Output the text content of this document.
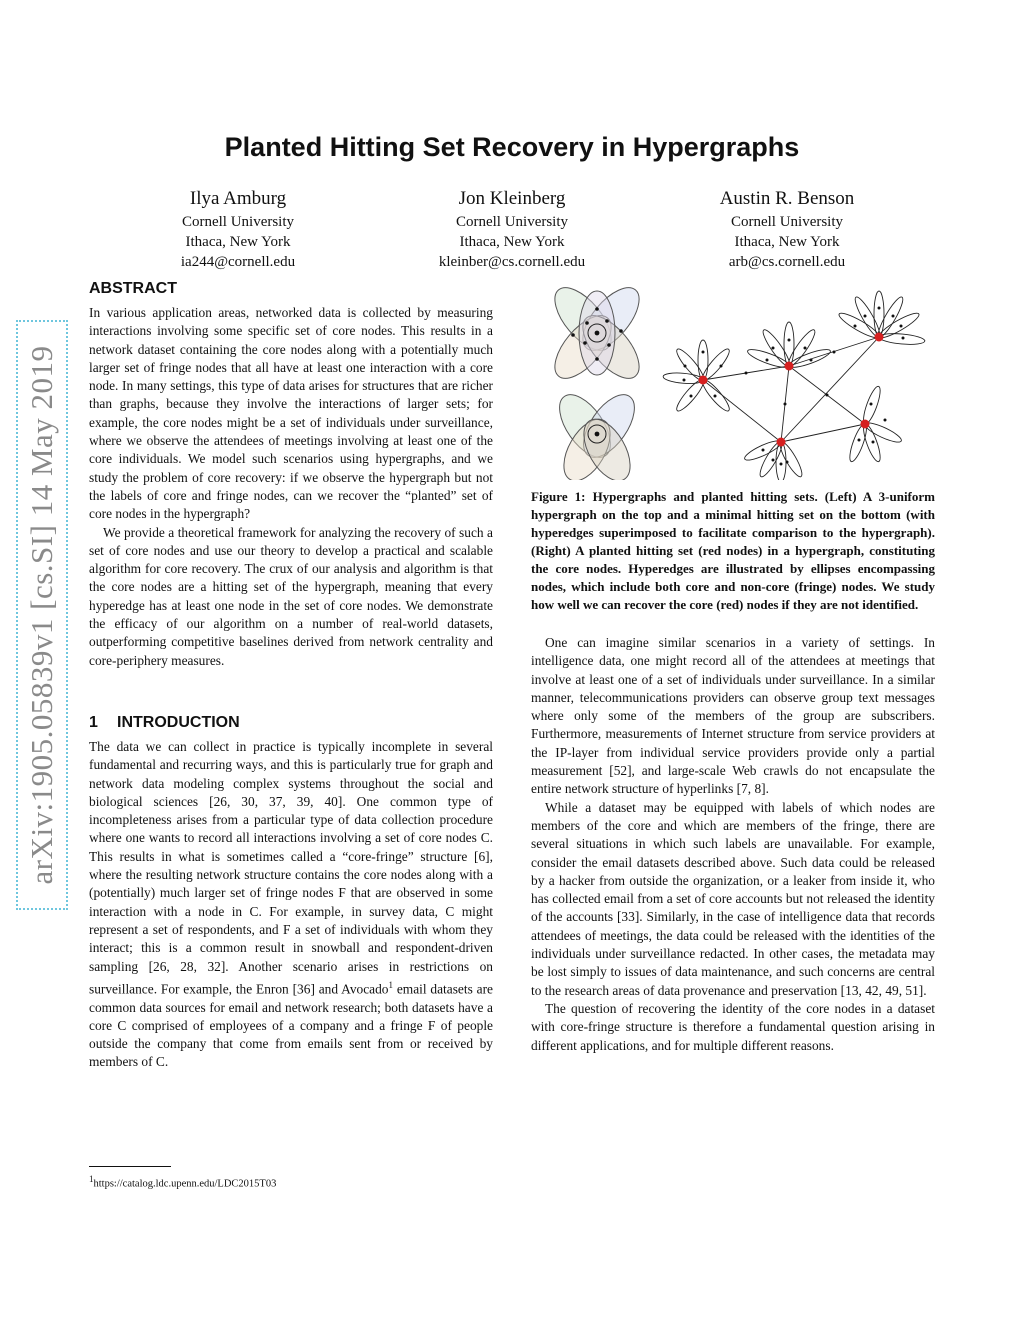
arXiv:1905.05839v1 [cs.SI] 14 May 2019
Planted Hitting Set Recovery in Hypergraphs
Ilya Amburg
Cornell University
Ithaca, New York
ia244@cornell.edu
Jon Kleinberg
Cornell University
Ithaca, New York
kleinber@cs.cornell.edu
Austin R. Benson
Cornell University
Ithaca, New York
arb@cs.cornell.edu
ABSTRACT

In various application areas, networked data is collected by measuring interactions involving some specific set of core nodes. This results in a network dataset containing the core nodes along with a potentially much larger set of fringe nodes that all have at least one interaction with a core node. In many settings, this type of data arises for structures that are richer than graphs, because they involve the interactions of larger sets; for example, the core nodes might be a set of individuals under surveillance, where we observe the attendees of meetings involving at least one of the core individuals. We model such scenarios using hypergraphs, and we study the problem of core recovery: if we observe the hypergraph but not the labels of core and fringe nodes, can we recover the “planted” set of core nodes in the hypergraph?

We provide a theoretical framework for analyzing the recovery of such a set of core nodes and use our theory to develop a practical and scalable algorithm for core recovery. The crux of our analysis and algorithm is that the core nodes are a hitting set of the hypergraph, meaning that every hyperedge has at least one node in the set of core nodes. We demonstrate the efficacy of our algorithm on a number of real-world datasets, outperforming competitive baselines derived from network centrality and core-periphery measures.

1 INTRODUCTION

The data we can collect in practice is typically incomplete in several fundamental and recurring ways, and this is particularly true for graph and network data modeling complex systems throughout the social and biological sciences [26, 30, 37, 39, 40]. One common type of incompleteness arises from a particular type of data collection procedure where one wants to record all interactions involving a set of core nodes C. This results in what is sometimes called a “core-fringe” structure [6], where the resulting network structure contains the core nodes along with a (potentially) much larger set of fringe nodes F that are observed in some interaction with a node in C. For example, in survey data, C might represent a set of respondents, and F a set of individuals with whom they interact; this is a common result in snowball and respondent-driven sampling [26, 28, 32]. Another scenario arises in restrictions on surveillance. For example, the Enron [36] and Avocado$^1$ email datasets are common data sources for email and network research; both datasets have a core C comprised of employees of a company and a fringe F of people outside the company that come from emails sent from or received by members of C.

$^1$https://catalog.ldc.upenn.edu/LDC2015T03
Figure 1: Hypergraphs and planted hitting sets. (Left) A 3-uniform hypergraph on the top and a minimal hitting set on the bottom (with hyperedges superimposed to facilitate comparison to the hypergraph). (Right) A planted hitting set (red nodes) in a hypergraph, constituting the core nodes. Hyperedges are illustrated by ellipses encompassing nodes, which include both core and non-core (fringe) nodes. We study how well we can recover the core (red) nodes if they are not identified.

One can imagine similar scenarios in a variety of settings. In intelligence data, one might record all of the attendees at meetings that involve at least one of a set of individuals under surveillance. In a similar manner, telecommunications providers can observe group text messages where only some of the members of the group are subscribers. Furthermore, measurements of Internet structure from service providers at the IP-layer from individual service providers provide only a partial measurement [52], and large-scale Web crawls do not encapsulate the entire network structure of hyperlinks [7, 8].

While a dataset may be equipped with labels of which nodes are members of the core and which are members of the fringe, there are several situations in which such labels are unavailable. For example, consider the email datasets described above. Such data could be released by a hacker from outside the organization, or a leaker from inside it, who has collected email from a set of core accounts but not released the identity of the accounts [33]. Similarly, in the case of intelligence data that records attendees of meetings, the data could be released with the identities of the individuals under surveillance redacted. In other cases, the metadata may be lost simply to issues of data maintenance, and such concerns are central to the research areas of data provenance and preservation [13, 42, 49, 51].

The question of recovering the identity of the core nodes in a dataset with core-fringe structure is therefore a fundamental question arising in different applications, and for multiple different reasons.
